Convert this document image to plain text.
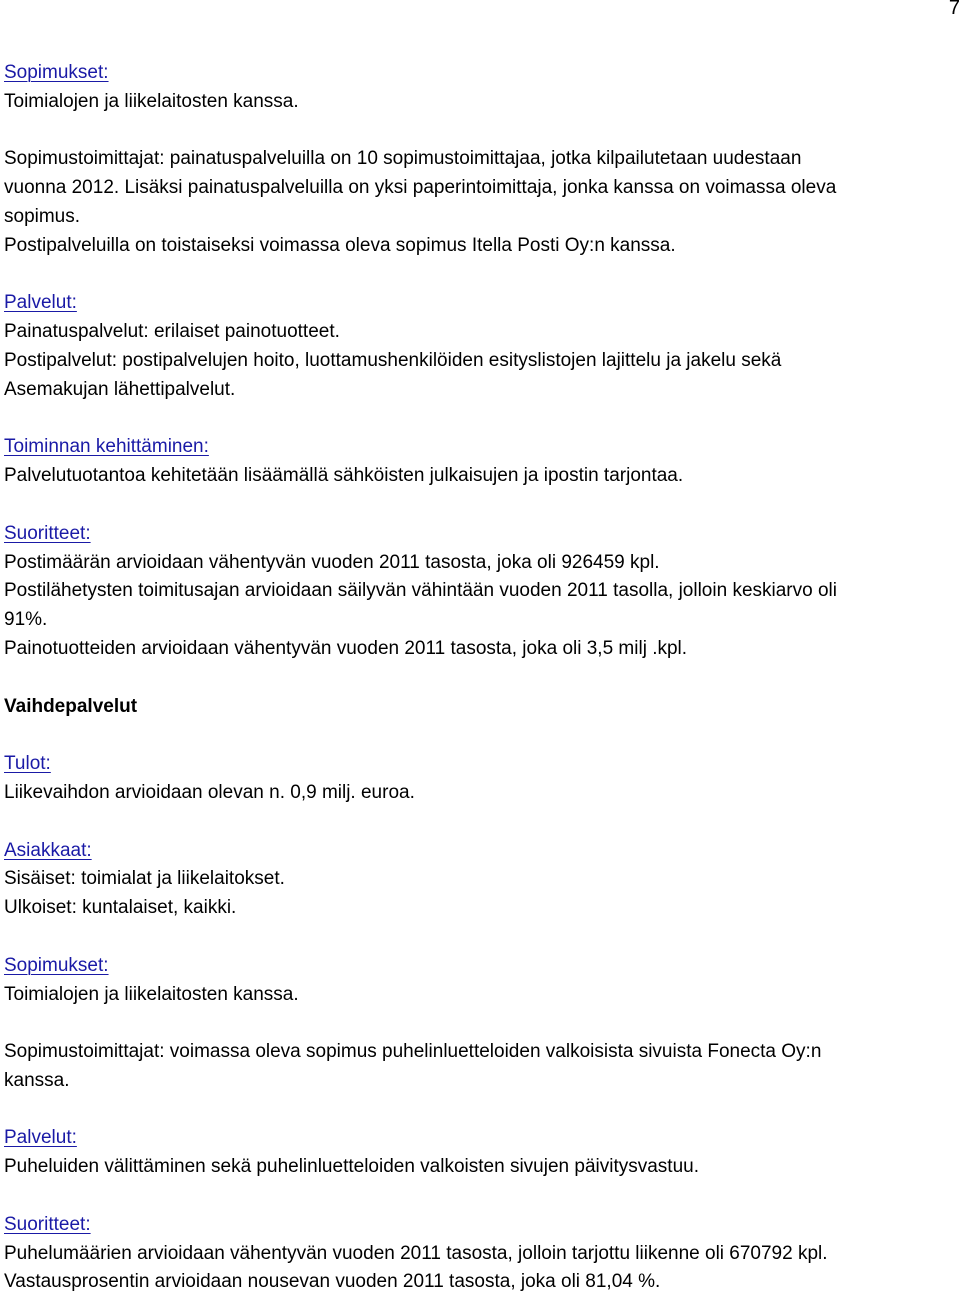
7
Sopimukset:
Toimialojen ja liikelaitosten kanssa.
Sopimustoimittajat: painatuspalveluilla on 10 sopimustoimittajaa, jotka kilpailutetaan uudestaan
vuonna 2012. Lisäksi painatuspalveluilla on yksi paperintoimittaja, jonka kanssa on voimassa oleva
sopimus.
Postipalveluilla on toistaiseksi voimassa oleva sopimus Itella Posti Oy:n kanssa.
Palvelut:
Painatuspalvelut: erilaiset painotuotteet.
Postipalvelut: postipalvelujen hoito, luottamushenkilöiden esityslistojen lajittelu ja jakelu sekä
Asemakujan lähettipalvelut.
Toiminnan kehittäminen:
Palvelutuotantoa kehitetään lisäämällä sähköisten julkaisujen ja ipostin tarjontaa.
Suoritteet:
Postimäärän arvioidaan vähentyvän vuoden 2011 tasosta, joka oli 926459 kpl.
Postilähetysten toimitusajan arvioidaan säilyvän vähintään vuoden 2011 tasolla, jolloin keskiarvo oli
91%.
Painotuotteiden arvioidaan vähentyvän vuoden 2011 tasosta, joka oli 3,5 milj .kpl.
Vaihdepalvelut
Tulot:
Liikevaihdon arvioidaan olevan n. 0,9 milj. euroa.
Asiakkaat:
Sisäiset: toimialat ja liikelaitokset.
Ulkoiset: kuntalaiset, kaikki.
Sopimukset:
Toimialojen ja liikelaitosten kanssa.
Sopimustoimittajat: voimassa oleva sopimus puhelinluetteloiden valkoisista sivuista Fonecta Oy:n
kanssa.
Palvelut:
Puheluiden välittäminen sekä puhelinluetteloiden valkoisten sivujen päivitysvastuu.
Suoritteet:
Puhelumäärien arvioidaan vähentyvän vuoden 2011 tasosta, jolloin tarjottu liikenne oli 670792 kpl.
Vastausprosentin arvioidaan nousevan vuoden 2011 tasosta, joka oli 81,04 %.
